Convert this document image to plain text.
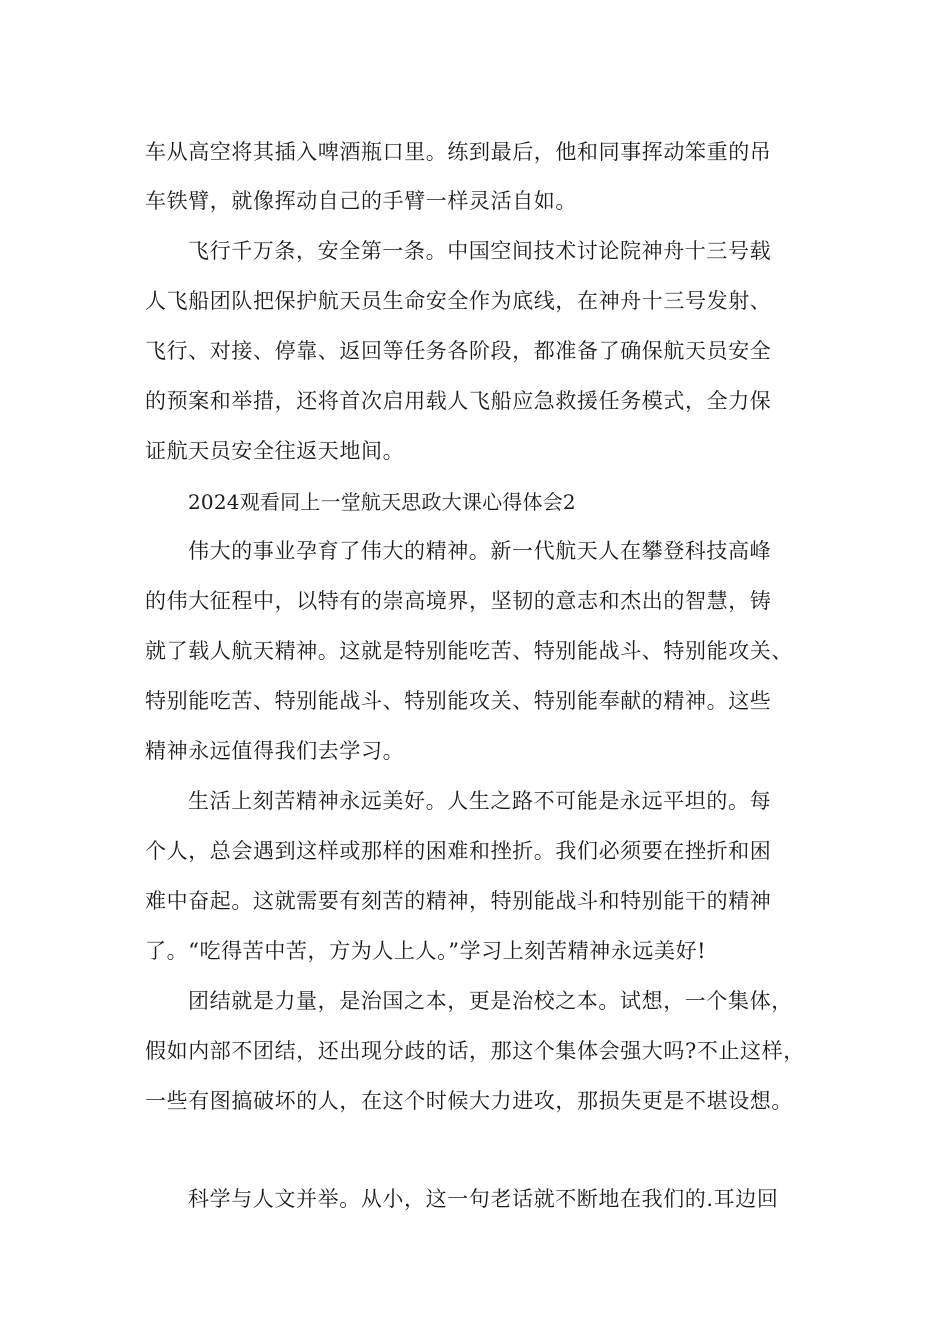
车从高空将其插入啤酒瓶口里。练到最后，他和同事挥动笨重的吊
车铁臂，就像挥动自己的手臂一样灵活自如。
飞行千万条，安全第一条。中国空间技术讨论院神舟十三号载
人飞船团队把保护航天员生命安全作为底线，在神舟十三号发射、
飞行、对接、停靠、返回等任务各阶段，都准备了确保航天员安全
的预案和举措，还将首次启用载人飞船应急救援任务模式，全力保
证航天员安全往返天地间。
2024观看同上一堂航天思政大课心得体会2
伟大的事业孕育了伟大的精神。新一代航天人在攀登科技高峰
的伟大征程中，以特有的崇高境界，坚韧的意志和杰出的智慧，铸
就了载人航天精神。这就是特别能吃苦、特别能战斗、特别能攻关、
特别能吃苦、特别能战斗、特别能攻关、特别能奉献的精神。这些
精神永远值得我们去学习。
生活上刻苦精神永远美好。人生之路不可能是永远平坦的。每
个人，总会遇到这样或那样的困难和挫折。我们必须要在挫折和困
难中奋起。这就需要有刻苦的精神，特别能战斗和特别能干的精神
了。“吃得苦中苦，方为人上人。”学习上刻苦精神永远美好!
团结就是力量，是治国之本，更是治校之本。试想，一个集体，
假如内部不团结，还出现分歧的话，那这个集体会强大吗?不止这样，
一些有图搞破坏的人，在这个时候大力进攻，那损失更是不堪设想。
科学与人文并举。从小，这一句老话就不断地在我们的.耳边回
